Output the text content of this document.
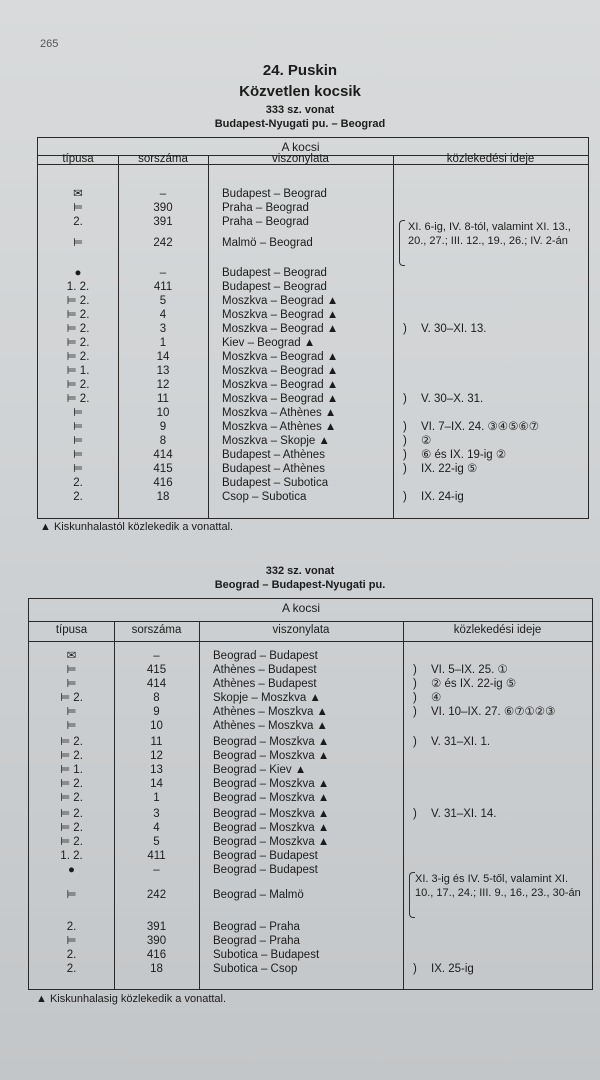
265
24. Puskin
Közvetlen kocsik
333 sz. vonat
Budapest-Nyugati pu. – Beograd
A kocsi
típusa	sorszáma	viszonylata	közlekedési ideje
✉	–	Budapest – Beograd
⊨	390	Praha – Beograd
2.	391	Praha – Beograd
⊨	242	Malmö – Beograd
XI. 6-ig, IV. 8-tól, valamint XI. 13., 20., 27.; III. 12., 19., 26.; IV. 2-án
●	–	Budapest – Beograd
1. 2.	411	Budapest – Beograd
⊨ 2.	5	Moszkva – Beograd ▲
⊨ 2.	4	Moszkva – Beograd ▲
⊨ 2.	3	Moszkva – Beograd ▲	) V. 30–XI. 13.
⊨ 2.	1	Kiev – Beograd ▲
⊨ 2.	14	Moszkva – Beograd ▲
⊨ 1.	13	Moszkva – Beograd ▲
⊨ 2.	12	Moszkva – Beograd ▲
⊨ 2.	11	Moszkva – Beograd ▲	) V. 30–X. 31.
⊨	10	Moszkva – Athènes ▲
⊨	9	Moszkva – Athènes ▲	) VI. 7–IX. 24. ③④⑤⑥⑦
⊨	8	Moszkva – Skopje ▲	) ②
⊨	414	Budapest – Athènes	) ⑥ és IX. 19-ig ②
⊨	415	Budapest – Athènes	) IX. 22-ig ⑤
2.	416	Budapest – Subotica
2.	18	Csop – Subotica	) IX. 24-ig
▲ Kiskunhalastól közlekedik a vonattal.
332 sz. vonat
Beograd – Budapest-Nyugati pu.
A kocsi
típusa	sorszáma	viszonylata	közlekedési ideje
✉	–	Beograd – Budapest
⊨	415	Athènes – Budapest	) VI. 5–IX. 25. ①
⊨	414	Athènes – Budapest	) ② és IX. 22-ig ⑤
⊨ 2.	8	Skopje – Moszkva ▲	) ④
⊨	9	Athènes – Moszkva ▲	) VI. 10–IX. 27. ⑥⑦①②③
⊨	10	Athènes – Moszkva ▲
⊨ 2.	11	Beograd – Moszkva ▲	) V. 31–XI. 1.
⊨ 2.	12	Beograd – Moszkva ▲
⊨ 1.	13	Beograd – Kiev ▲
⊨ 2.	14	Beograd – Moszkva ▲
⊨ 2.	1	Beograd – Moszkva ▲
⊨ 2.	3	Beograd – Moszkva ▲	) V. 31–XI. 14.
⊨ 2.	4	Beograd – Moszkva ▲
⊨ 2.	5	Beograd – Moszkva ▲
1. 2.	411	Beograd – Budapest
●	–	Beograd – Budapest
⊨	242	Beograd – Malmö
XI. 3-ig és IV. 5-től, valamint XI. 10., 17., 24.; III. 9., 16., 23., 30-án
2.	391	Beograd – Praha
⊨	390	Beograd – Praha
2.	416	Subotica – Budapest
2.	18	Subotica – Csop	) IX. 25-ig
▲ Kiskunhalasig közlekedik a vonattal.
